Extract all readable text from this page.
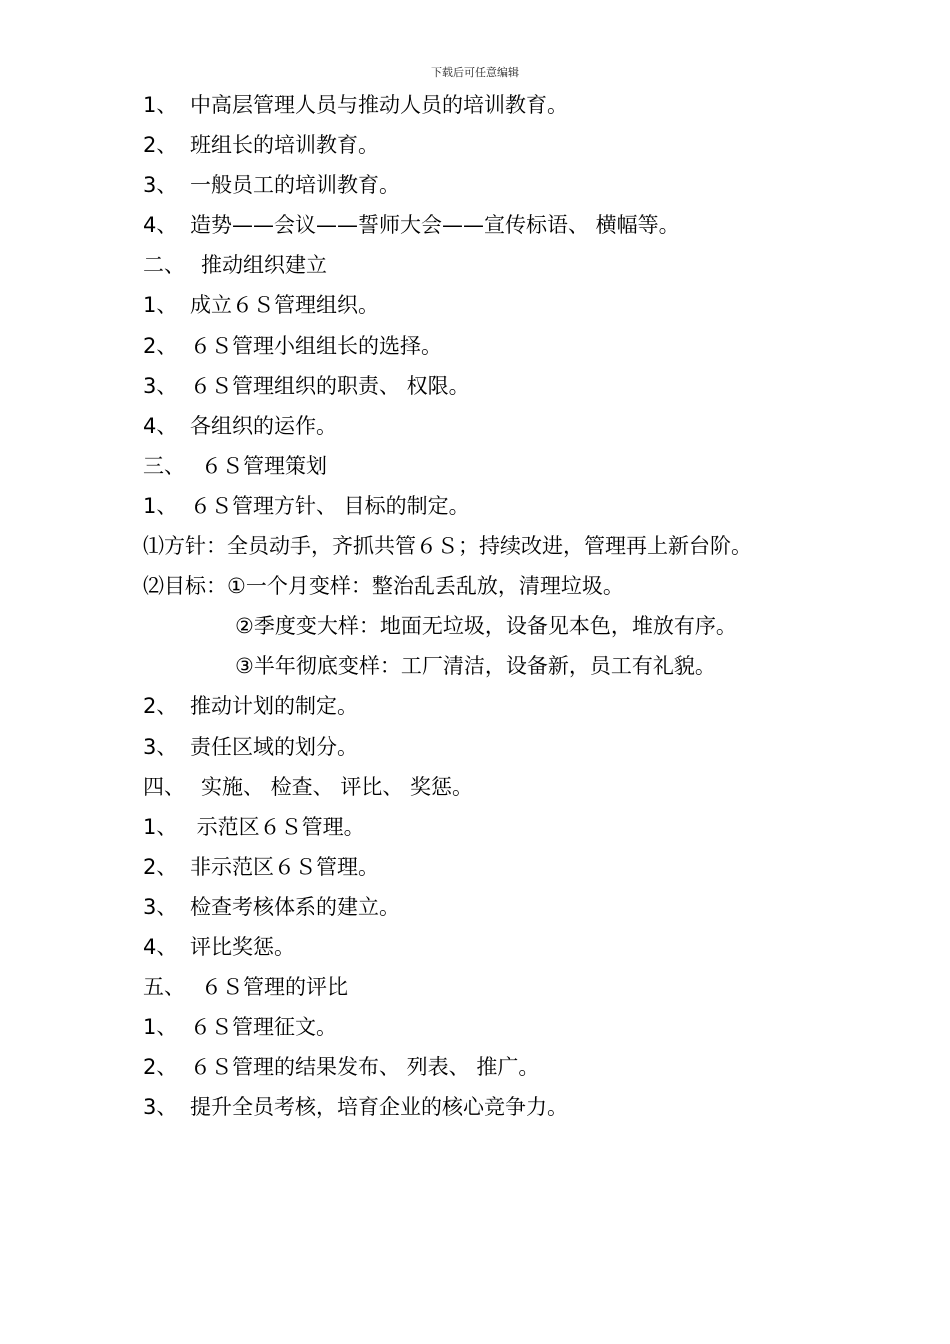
下载后可任意编辑
1、 中高层管理人员与推动人员的培训教育。
2、 班组长的培训教育。
3、 一般员工的培训教育。
4、 造势——会议——誓师大会——宣传标语、 横幅等。
二、 推动组织建立
1、 成立６Ｓ管理组织。
2、 ６Ｓ管理小组组长的选择。
3、 ６Ｓ管理组织的职责、 权限。
4、 各组织的运作。
三、 ６Ｓ管理策划
1、 ６Ｓ管理方针、 目标的制定。
⑴方针：全员动手，齐抓共管６Ｓ；持续改进，管理再上新台阶。
⑵目标：①一个月变样：整治乱丢乱放，清理垃圾。
②季度变大样：地面无垃圾，设备见本色，堆放有序。
③半年彻底变样：工厂清洁，设备新，员工有礼貌。
2、 推动计划的制定。
3、 责任区域的划分。
四、 实施、 检查、 评比、 奖惩。
1、 示范区６Ｓ管理。
2、 非示范区６Ｓ管理。
3、 检查考核体系的建立。
4、 评比奖惩。
五、 ６Ｓ管理的评比
1、 ６Ｓ管理征文。
2、 ６Ｓ管理的结果发布、 列表、 推广。
3、 提升全员考核，培育企业的核心竞争力。
